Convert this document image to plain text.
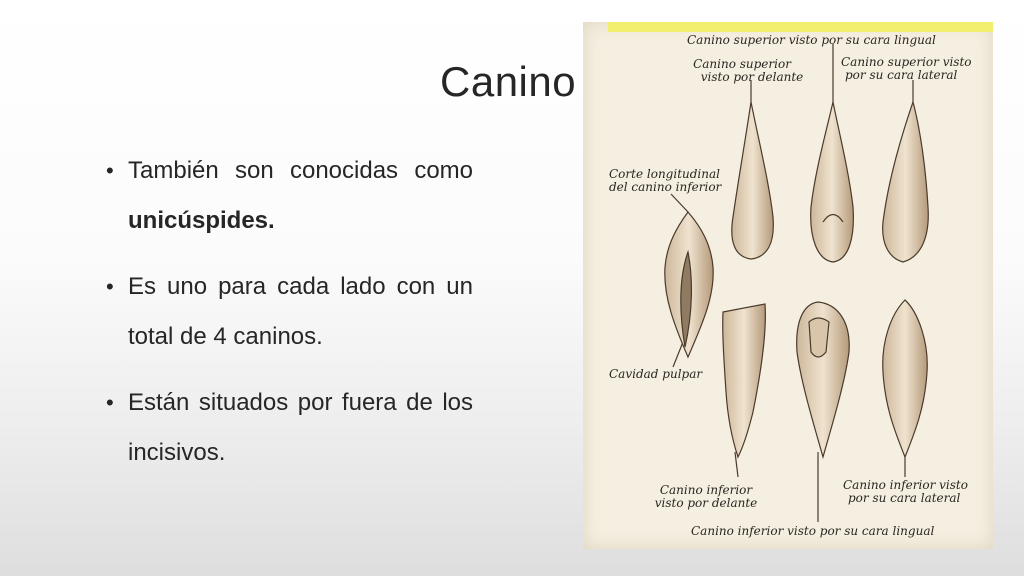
Canino
• También son conocidas como unicúspides.
• Es uno para cada lado con un total de 4 caninos.
• Están situados por fuera de los incisivos.
Canino superior visto por su cara lingual
Canino superior
visto por delante
Canino superior visto
por su cara lateral
Corte longitudinal
del canino inferior
Cavidad pulpar
Canino inferior
visto por delante
Canino inferior visto
por su cara lateral
Canino inferior visto por su cara lingual
